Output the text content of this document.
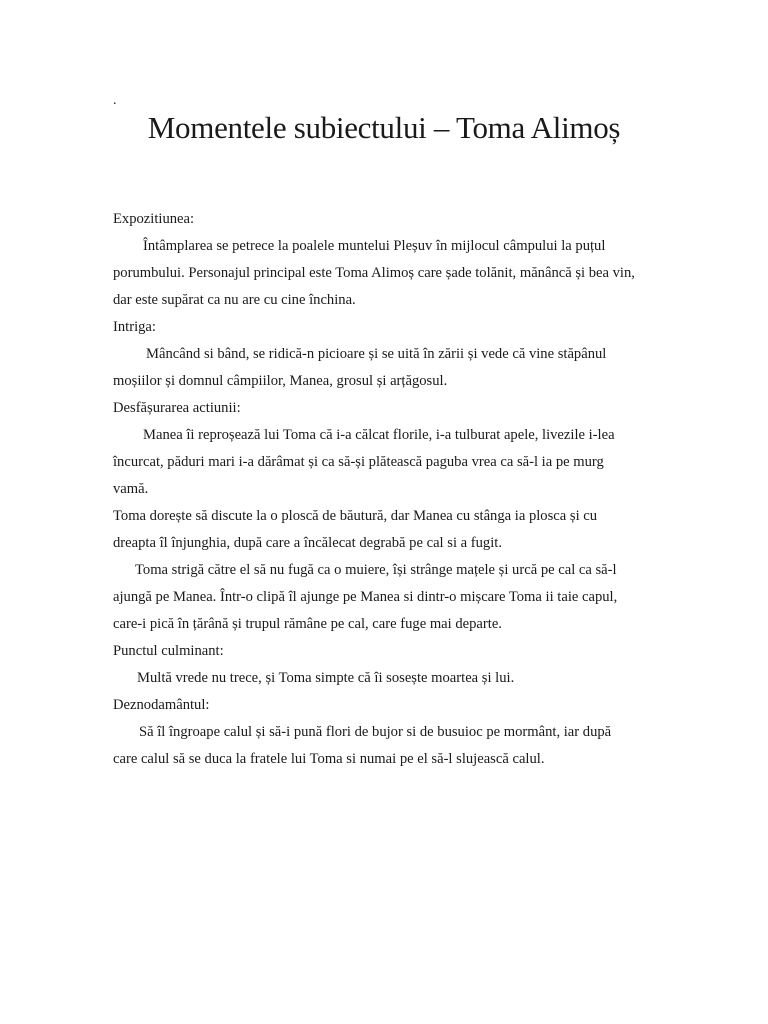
.
Momentele subiectului – Toma Alimoș
Expozitiunea:
Întâmplarea se petrece la poalele muntelui Pleșuv în mijlocul câmpului la puțul
porumbului. Personajul principal este Toma Alimoș care șade tolănit, mănâncă și bea vin,
dar este supărat ca nu are cu cine închina.
Intriga:
Mâncând si bând, se ridică-n picioare și se uită în zării și vede că vine stăpânul
moșiilor și domnul câmpiilor, Manea, grosul și arțăgosul.
Desfășurarea actiunii:
Manea îi reproșează lui Toma că i-a călcat florile, i-a tulburat apele, livezile i-lea
încurcat, păduri mari i-a dărâmat și ca să-și plătească paguba vrea ca să-l ia pe murg
vamă.
Toma dorește să discute la o ploscă de băutură, dar Manea cu stânga ia plosca și cu
dreapta îl înjunghia, după care a încălecat degrabă pe cal si a fugit.
Toma strigă către el să nu fugă ca o muiere, își strânge mațele și urcă pe cal ca să-l
ajungă pe Manea. Într-o clipă îl ajunge pe Manea si dintr-o mișcare Toma ii taie capul,
care-i pică în țărână și trupul rămâne pe cal, care fuge mai departe.
Punctul culminant:
Multă vrede nu trece, și Toma simpte că îi sosește moartea și lui.
Deznodamântul:
Să îl îngroape calul și să-i pună flori de bujor si de busuioc pe mormânt, iar după
care calul să se duca la fratele lui Toma si numai pe el să-l slujească calul.
